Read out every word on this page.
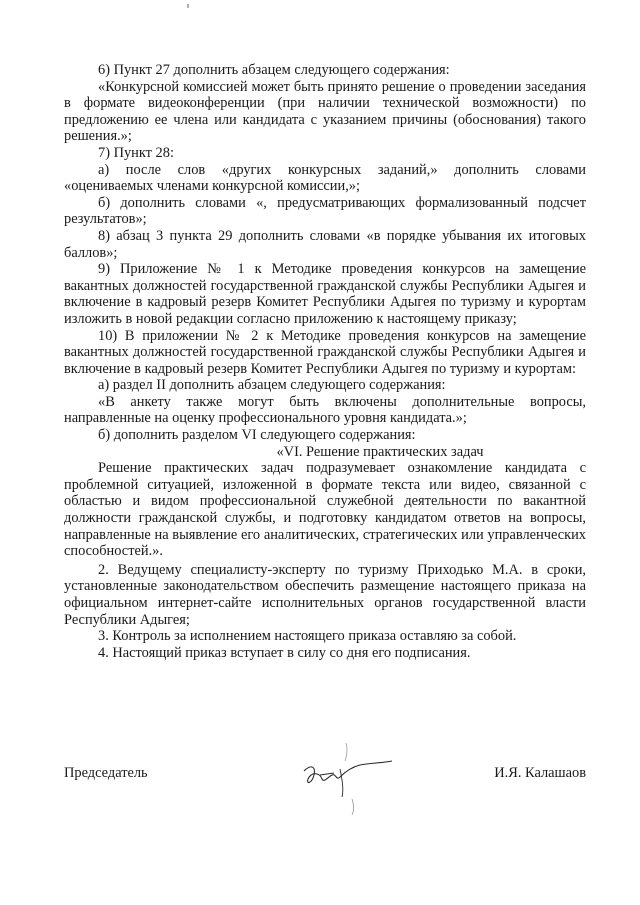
6) Пункт 27 дополнить абзацем следующего содержания:

«Конкурсной комиссией может быть принято решение о проведении заседания в формате видеоконференции (при наличии технической возможности) по предложению ее члена или кандидата с указанием причины (обоснования) такого решения.»;

7) Пункт 28:

а) после слов «других конкурсных заданий,» дополнить словами «оцениваемых членами конкурсной комиссии,»;

б) дополнить словами «, предусматривающих формализованный подсчет результатов»;

8) абзац 3 пункта 29 дополнить словами «в порядке убывания их итоговых баллов»;

9) Приложение № 1 к Методике проведения конкурсов на замещение вакантных должностей государственной гражданской службы Республики Адыгея и включение в кадровый резерв Комитет Республики Адыгея по туризму и курортам изложить в новой редакции согласно приложению к настоящему приказу;

10) В приложении № 2 к Методике проведения конкурсов на замещение вакантных должностей государственной гражданской службы Республики Адыгея и включение в кадровый резерв Комитет Республики Адыгея по туризму и курортам:

а) раздел II дополнить абзацем следующего содержания:

«В анкету также могут быть включены дополнительные вопросы, направленные на оценку профессионального уровня кандидата.»;

б) дополнить разделом VI следующего содержания:

«VI. Решение практических задач

Решение практических задач подразумевает ознакомление кандидата с проблемной ситуацией, изложенной в формате текста или видео, связанной с областью и видом профессиональной служебной деятельности по вакантной должности гражданской службы, и подготовку кандидатом ответов на вопросы, направленные на выявление его аналитических, стратегических или управленческих способностей.».

2. Ведущему специалисту-эксперту по туризму Приходько М.А. в сроки, установленные законодательством обеспечить размещение настоящего приказа на официальном интернет-сайте исполнительных органов государственной власти Республики Адыгея;

3. Контроль за исполнением настоящего приказа оставляю за собой.

4. Настоящий приказ вступает в силу со дня его подписания.

Председатель	И.Я. Калашаов
